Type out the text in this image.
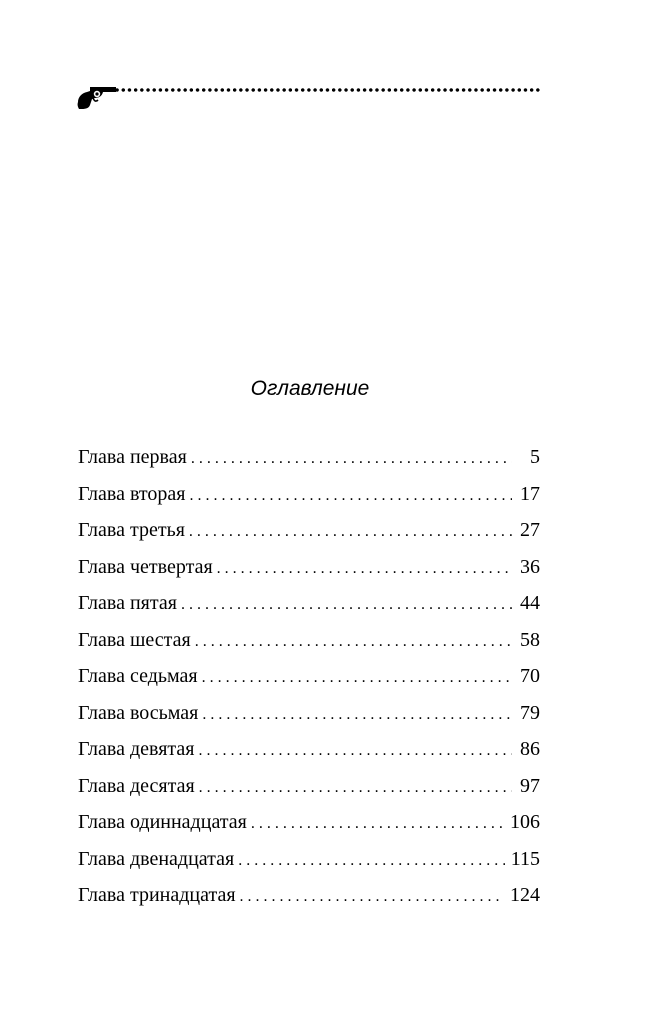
Оглавление
Глава первая . . .	5
Глава вторая . . .	17
Глава третья . . .	27
Глава четвертая . . .	36
Глава пятая . . .	44
Глава шестая . . .	58
Глава седьмая . . .	70
Глава восьмая . . .	79
Глава девятая . . .	86
Глава десятая . . .	97
Глава одиннадцатая . . .	106
Глава двенадцатая . . .	115
Глава тринадцатая . . .	124
